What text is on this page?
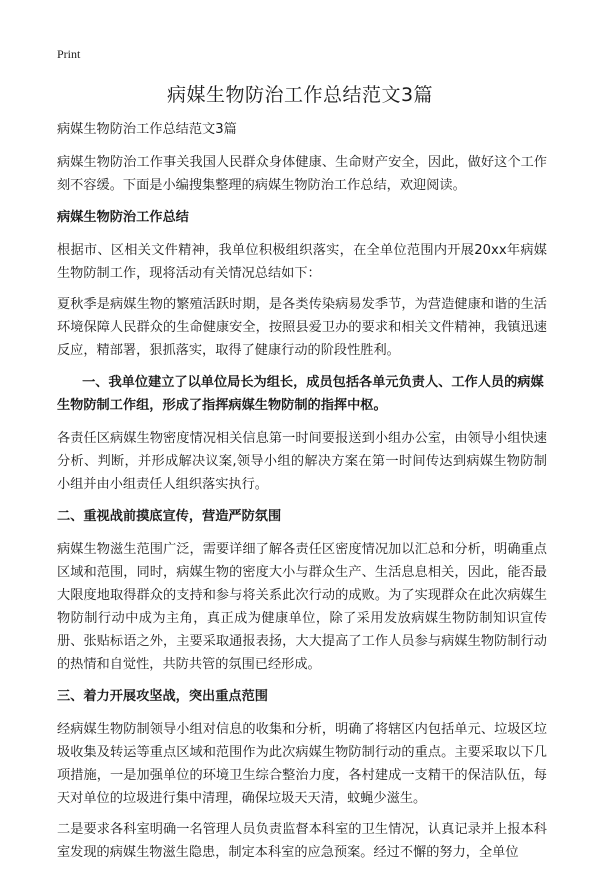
Print
病媒生物防治工作总结范文3篇

病媒生物防治工作总结范文3篇

病媒生物防治工作事关我国人民群众身体健康、生命财产安全，因此，做好这个工作刻不容缓。下面是小编搜集整理的病媒生物防治工作总结，欢迎阅读。

病媒生物防治工作总结

根据市、区相关文件精神，我单位积极组织落实，在全单位范围内开展20xx年病媒生物防制工作，现将活动有关情况总结如下：

夏秋季是病媒生物的繁殖活跃时期，是各类传染病易发季节，为营造健康和谐的生活环境保障人民群众的生命健康安全，按照县爱卫办的要求和相关文件精神，我镇迅速反应，精部署，狠抓落实，取得了健康行动的阶段性胜利。

一、我单位建立了以单位局长为组长，成员包括各单元负责人、工作人员的病媒生物防制工作组，形成了指挥病媒生物防制的指挥中枢。

各责任区病媒生物密度情况相关信息第一时间要报送到小组办公室，由领导小组快速分析、判断，并形成解决议案,领导小组的解决方案在第一时间传达到病媒生物防制小组并由小组责任人组织落实执行。

二、重视战前摸底宣传，营造严防氛围

病媒生物滋生范围广泛，需要详细了解各责任区密度情况加以汇总和分析，明确重点区域和范围，同时，病媒生物的密度大小与群众生产、生活息息相关，因此，能否最大限度地取得群众的支持和参与将关系此次行动的成败。为了实现群众在此次病媒生物防制行动中成为主角，真正成为健康单位，除了采用发放病媒生物防制知识宣传册、张贴标语之外，主要采取通报表扬，大大提高了工作人员参与病媒生物防制行动的热情和自觉性，共防共管的氛围已经形成。

三、着力开展攻坚战，突出重点范围

经病媒生物防制领导小组对信息的收集和分析，明确了将辖区内包括单元、垃圾区垃圾收集及转运等重点区域和范围作为此次病媒生物防制行动的重点。主要采取以下几项措施，一是加强单位的环境卫生综合整治力度，各村建成一支精干的保洁队伍，每天对单位的垃圾进行集中清理，确保垃圾天天清，蚊蝇少滋生。

二是要求各科室明确一名管理人员负责监督本科室的卫生情况，认真记录并上报本科室发现的病媒生物滋生隐患，制定本科室的应急预案。经过不懈的努力，全单位
